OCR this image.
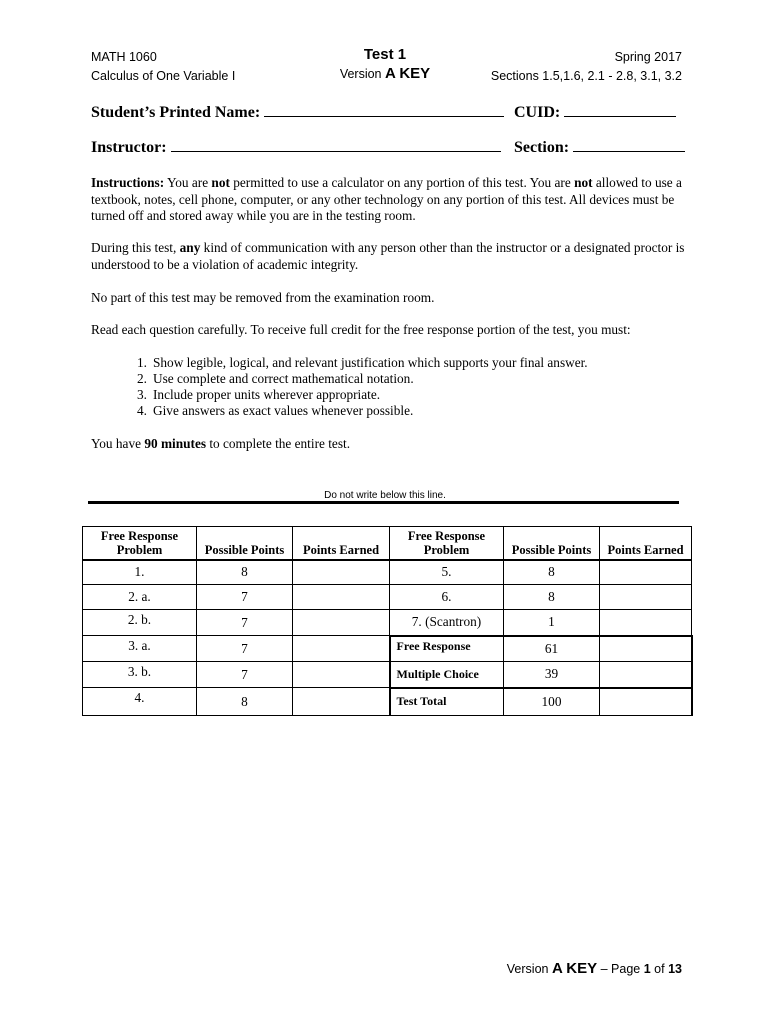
MATH 1060
Calculus of One Variable I
Test 1
Version A KEY
Spring 2017
Sections 1.5,1.6, 2.1 - 2.8, 3.1, 3.2
Student’s Printed Name:	CUID:
Instructor:	Section:
Instructions: You are not permitted to use a calculator on any portion of this test. You are not allowed to use a textbook, notes, cell phone, computer, or any other technology on any portion of this test. All devices must be turned off and stored away while you are in the testing room.
During this test, any kind of communication with any person other than the instructor or a designated proctor is understood to be a violation of academic integrity.
No part of this test may be removed from the examination room.
Read each question carefully. To receive full credit for the free response portion of the test, you must:
1. Show legible, logical, and relevant justification which supports your final answer.
2. Use complete and correct mathematical notation.
3. Include proper units wherever appropriate.
4. Give answers as exact values whenever possible.
You have 90 minutes to complete the entire test.
Do not write below this line.
Free Response Problem	Possible Points	Points Earned	Free Response Problem	Possible Points	Points Earned
1.	8		5.	8	
2. a.	7		6.	8	
2. b.	7		7. (Scantron)	1	
3. a.	7		Free Response	61	
3. b.	7		Multiple Choice	39	
4.	8		Test Total	100	
Version A KEY – Page 1 of 13
